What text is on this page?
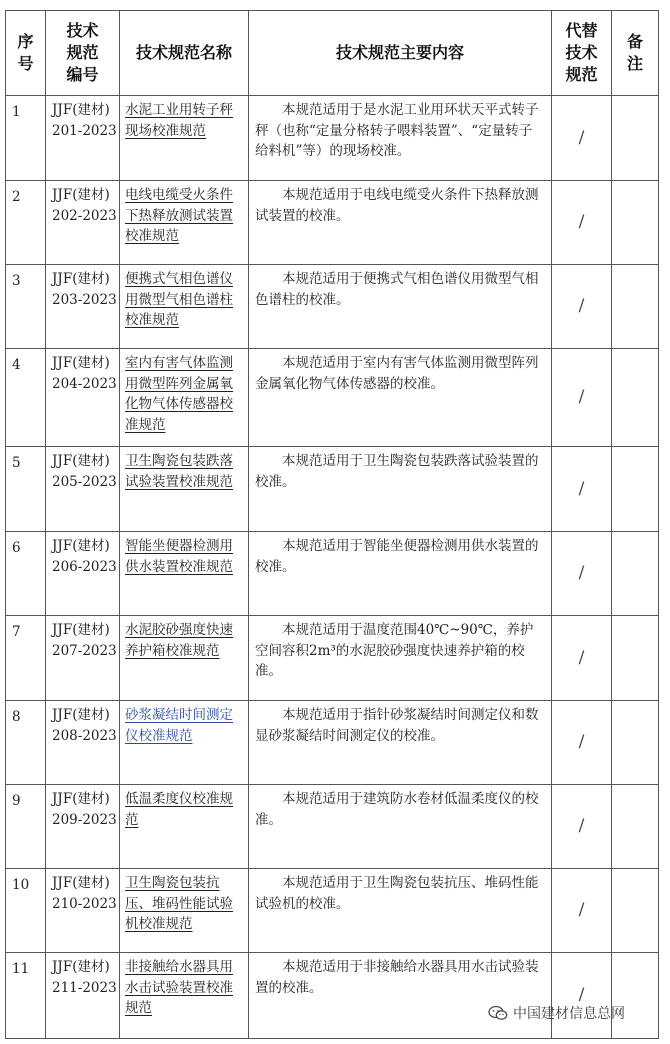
序号	技术规范编号	技术规范名称	技术规范主要内容	代替技术规范	备注
1	JJF(建材) 201-2023	水泥工业用转子秤现场校准规范	本规范适用于是水泥工业用环状天平式转子秤（也称“定量分格转子喂料装置”、“定量转子给料机”等）的现场校准。	/	
2	JJF(建材) 202-2023	电线电缆受火条件下热释放测试装置校准规范	本规范适用于电线电缆受火条件下热释放测试装置的校准。	/	
3	JJF(建材) 203-2023	便携式气相色谱仪用微型气相色谱柱校准规范	本规范适用于便携式气相色谱仪用微型气相色谱柱的校准。	/	
4	JJF(建材) 204-2023	室内有害气体监测用微型阵列金属氧化物气体传感器校准规范	本规范适用于室内有害气体监测用微型阵列金属氧化物气体传感器的校准。	/	
5	JJF(建材) 205-2023	卫生陶瓷包装跌落试验装置校准规范	本规范适用于卫生陶瓷包装跌落试验装置的校准。	/	
6	JJF(建材) 206-2023	智能坐便器检测用供水装置校准规范	本规范适用于智能坐便器检测用供水装置的校准。	/	
7	JJF(建材) 207-2023	水泥胶砂强度快速养护箱校准规范	本规范适用于温度范围40℃~90℃，养护空间容积2m³的水泥胶砂强度快速养护箱的校准。	/	
8	JJF(建材) 208-2023	砂浆凝结时间测定仪校准规范	本规范适用于指针砂浆凝结时间测定仪和数显砂浆凝结时间测定仪的校准。	/	
9	JJF(建材) 209-2023	低温柔度仪校准规范	本规范适用于建筑防水卷材低温柔度仪的校准。	/	
10	JJF(建材) 210-2023	卫生陶瓷包装抗压、堆码性能试验机校准规范	本规范适用于卫生陶瓷包装抗压、堆码性能试验机的校准。	/	
11	JJF(建材) 211-2023	非接触给水器具用水击试验装置校准规范	本规范适用于非接触给水器具用水击试验装置的校准。	/	
中国建材信息总网
